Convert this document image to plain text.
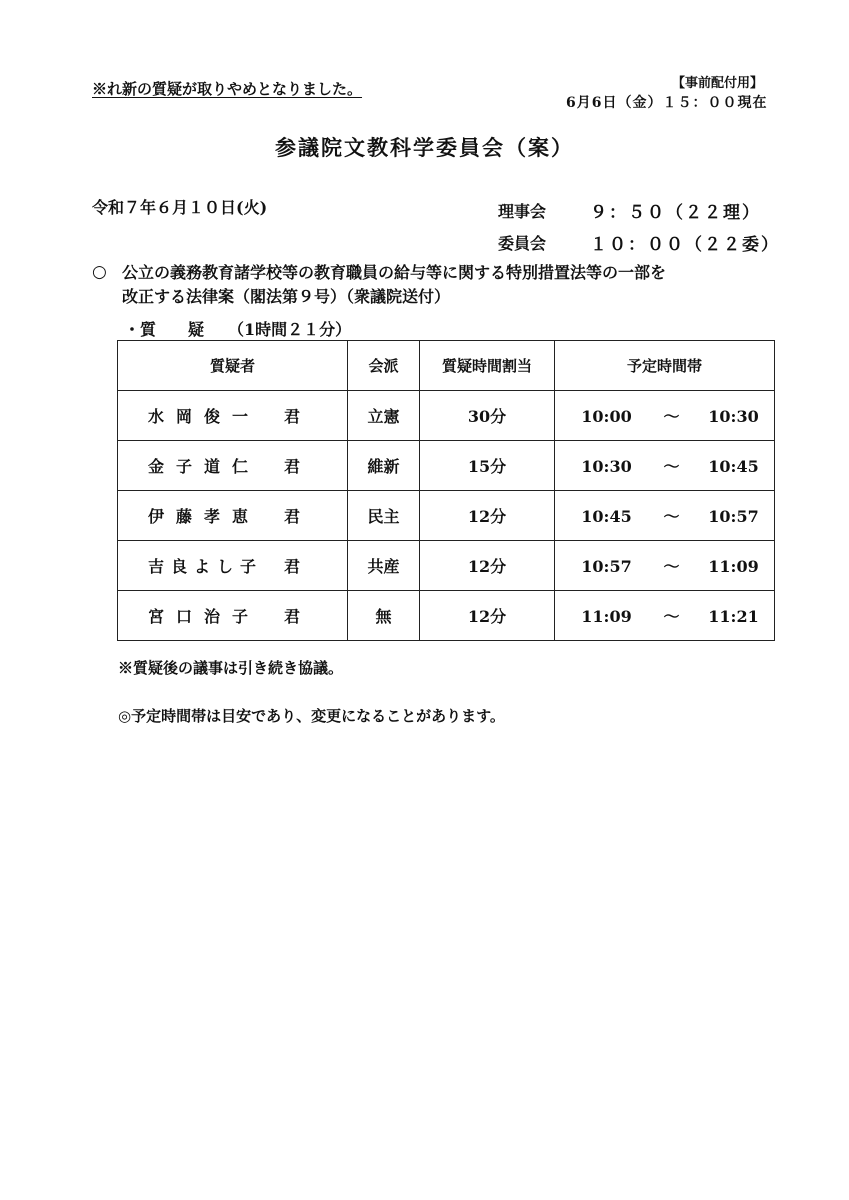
※れ新の質疑が取りやめとなりました。	【事前配付用】
6月6日（金）１５：００現在
参議院文教科学委員会（案）
令和７年６月１０日(火)	理事会	９：５０（２２理）
委員会	１０：００（２２委）
○ 公立の義務教育諸学校等の教育職員の給与等に関する特別措置法等の一部を
改正する法律案（閣法第９号）（衆議院送付）
・質　　疑　　（1時間２１分）
質疑者	会派	質疑時間割当	予定時間帯
水岡俊一 君	立憲	30分	10:00 ～ 10:30
金子道仁 君	維新	15分	10:30 ～ 10:45
伊藤孝恵 君	民主	12分	10:45 ～ 10:57
吉良よし子 君	共産	12分	10:57 ～ 11:09
宮口治子 君	無	12分	11:09 ～ 11:21
※質疑後の議事は引き続き協議。
◎予定時間帯は目安であり、変更になることがあります。
